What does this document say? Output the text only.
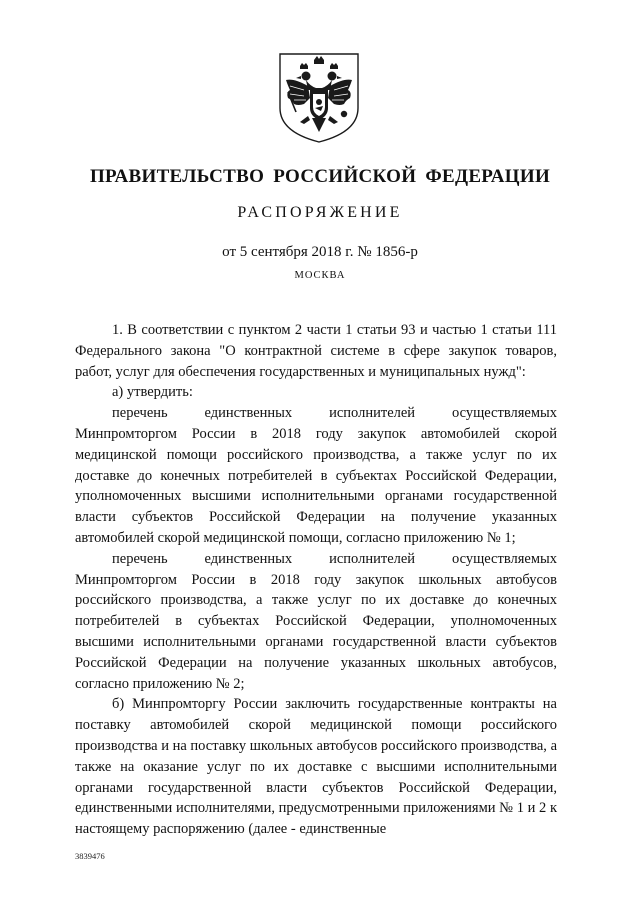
ПРАВИТЕЛЬСТВО РОССИЙСКОЙ ФЕДЕРАЦИИ
РАСПОРЯЖЕНИЕ
от 5 сентября 2018 г. № 1856-р
МОСКВА

1. В соответствии с пунктом 2 части 1 статьи 93 и частью 1 статьи 111 Федерального закона "О контрактной системе в сфере закупок товаров, работ, услуг для обеспечения государственных и муниципальных нужд":

а) утвердить:

перечень единственных исполнителей осуществляемых Минпромторгом России в 2018 году закупок автомобилей скорой медицинской помощи российского производства, а также услуг по их доставке до конечных потребителей в субъектах Российской Федерации, уполномоченных высшими исполнительными органами государственной власти субъектов Российской Федерации на получение указанных автомобилей скорой медицинской помощи, согласно приложению № 1;

перечень единственных исполнителей осуществляемых Минпромторгом России в 2018 году закупок школьных автобусов российского производства, а также услуг по их доставке до конечных потребителей в субъектах Российской Федерации, уполномоченных высшими исполнительными органами государственной власти субъектов Российской Федерации на получение указанных школьных автобусов, согласно приложению № 2;

б) Минпромторгу России заключить государственные контракты на поставку автомобилей скорой медицинской помощи российского производства и на поставку школьных автобусов российского производства, а также на оказание услуг по их доставке с высшими исполнительными органами государственной власти субъектов Российской Федерации, единственными исполнителями, предусмотренными приложениями № 1 и 2 к настоящему распоряжению (далее - единственные

3839476
